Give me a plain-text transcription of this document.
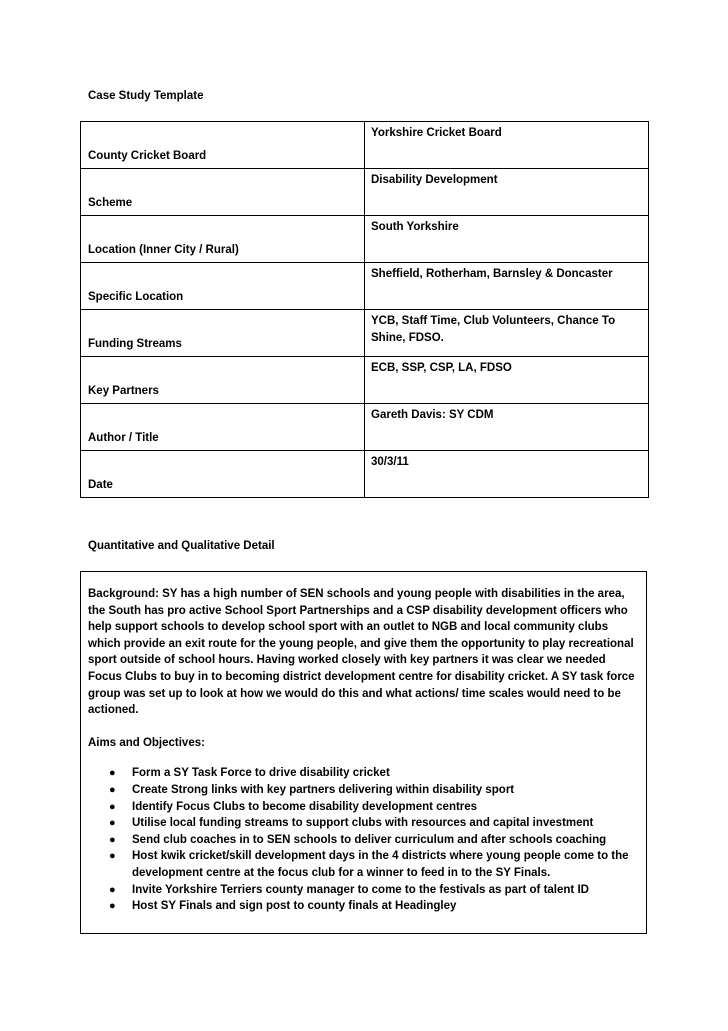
Case Study Template
County Cricket Board	Yorkshire Cricket Board

Scheme	Disability Development

Location (Inner City / Rural)	South Yorkshire

Specific Location	Sheffield, Rotherham, Barnsley & Doncaster

Funding Streams	YCB, Staff Time, Club Volunteers, Chance To Shine, FDSO.

Key Partners	ECB, SSP, CSP, LA, FDSO

Author / Title	Gareth Davis: SY CDM

Date	30/3/11
Quantitative and Qualitative Detail

Background: SY has a high number of SEN schools and young people with disabilities in the area, the South has pro active School Sport Partnerships and a CSP disability development officers who help support schools to develop school sport with an outlet to NGB and local community clubs which provide an exit route for the young people, and give them the opportunity to play recreational sport outside of school hours. Having worked closely with key partners it was clear we needed Focus Clubs to buy in to becoming district development centre for disability cricket. A SY task force group was set up to look at how we would do this and what actions/ time scales would need to be actioned.

Aims and Objectives:

● Form a SY Task Force to drive disability cricket
● Create Strong links with key partners delivering within disability sport
● Identify Focus Clubs to become disability development centres
● Utilise local funding streams to support clubs with resources and capital investment
● Send club coaches in to SEN schools to deliver curriculum and after schools coaching
● Host kwik cricket/skill development days in the 4 districts where young people come to the development centre at the focus club for a winner to feed in to the SY Finals.
● Invite Yorkshire Terriers county manager to come to the festivals as part of talent ID
● Host SY Finals and sign post to county finals at Headingley
